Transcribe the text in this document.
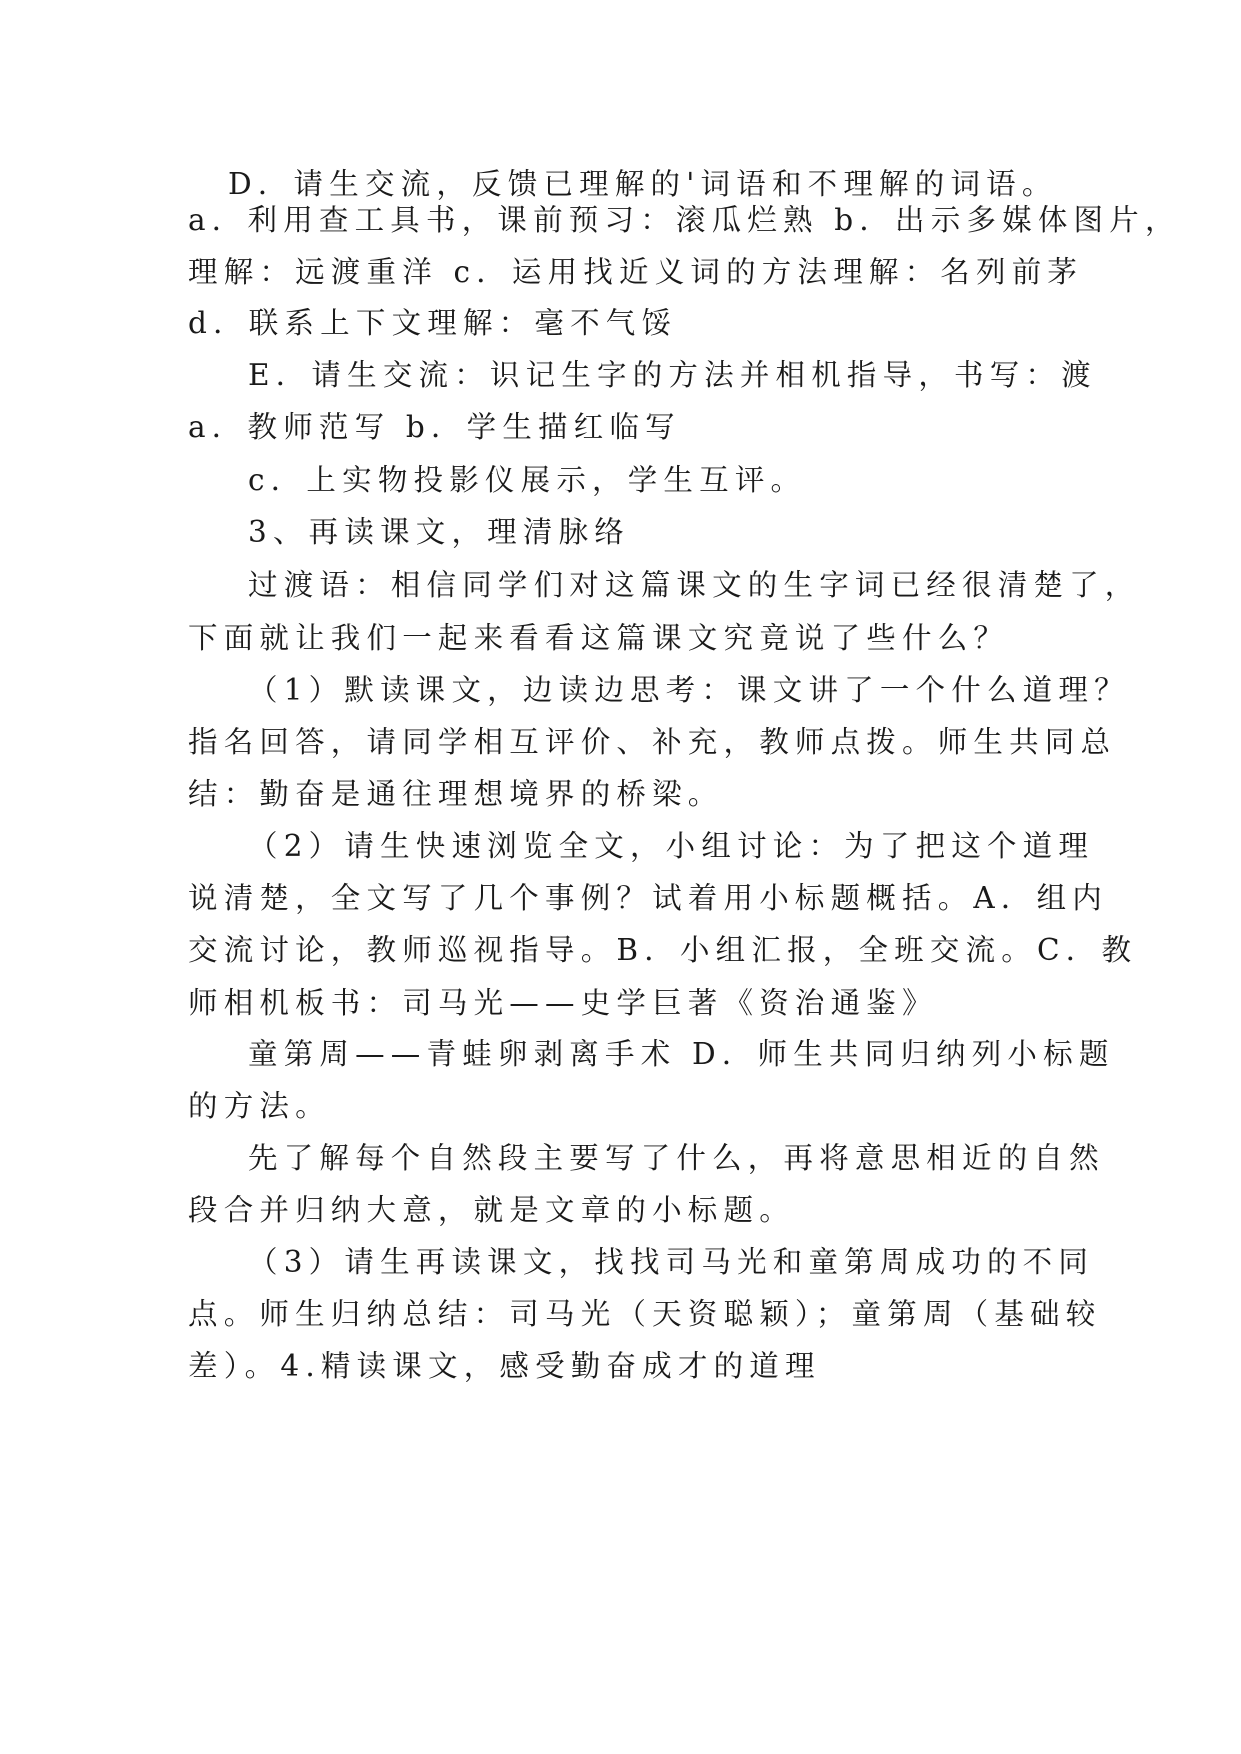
D．请生交流，反馈已理解的'词语和不理解的词语。
a．利用查工具书，课前预习：滚瓜烂熟 b．出示多媒体图片，
理解：远渡重洋 c．运用找近义词的方法理解：名列前茅
d．联系上下文理解：毫不气馁
E．请生交流：识记生字的方法并相机指导，书写：渡
a．教师范写 b．学生描红临写
c．上实物投影仪展示，学生互评。
3、再读课文，理清脉络
过渡语：相信同学们对这篇课文的生字词已经很清楚了，
下面就让我们一起来看看这篇课文究竟说了些什么？
（1）默读课文，边读边思考：课文讲了一个什么道理？
指名回答，请同学相互评价、补充，教师点拨。师生共同总
结：勤奋是通往理想境界的桥梁。
（2）请生快速浏览全文，小组讨论：为了把这个道理
说清楚，全文写了几个事例？试着用小标题概括。A．组内
交流讨论，教师巡视指导。B．小组汇报，全班交流。C．教
师相机板书：司马光——史学巨著《资治通鉴》
童第周——青蛙卵剥离手术 D．师生共同归纳列小标题
的方法。
先了解每个自然段主要写了什么，再将意思相近的自然
段合并归纳大意，就是文章的小标题。
（3）请生再读课文，找找司马光和童第周成功的不同
点。师生归纳总结：司马光（天资聪颖）；童第周（基础较
差）。4.精读课文，感受勤奋成才的道理
